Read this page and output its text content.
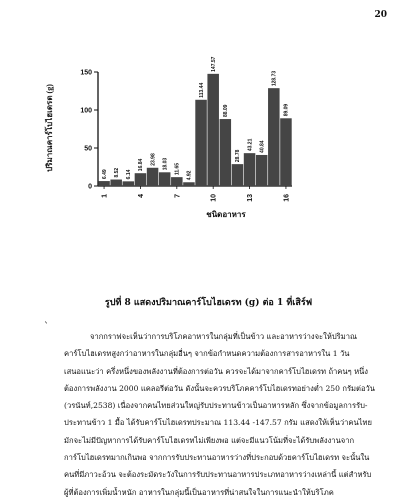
20
0
50
100
150
1	4	7	10	13	16
6.49 8.52 6.14
16.84 23.98 18.03 11.65
4.92
113.44
147.57
88.09
28.78
43.21 40.84
128.73
89.09
ปริมาณคาร์โบไฮเดรต (g)
ชนิดอาหาร
รูปที่ 8 แสดงปริมาณคาร์โบไฮเดรท (g) ต่อ 1 ที่เสิร์ฟ
`
จากกราฟจะเห็นว่าการบริโภคอาหารในกลุ่มที่เป็นข้าว และอาหารว่างจะให้ปริมาณ
คาร์โบไฮเดรทสูงกว่าอาหารในกลุ่มอื่นๆ จากข้อกำหนดความต้องการสารอาหารใน 1 วัน
เสนอแนะว่า ครึ่งหนึ่งของพลังงานที่ต้องการต่อวัน ควรจะได้มาจากคาร์โบไฮเดรท ถ้าคนๆ หนึ่ง
ต้องการพลังงาน 2000 แคลอรีต่อวัน ดังนั้นจะควรบริโภคคาร์โบไฮเดรทอย่างต่ำ 250 กรัมต่อวัน
(วรนันท์,2538) เนื่องจากคนไทยส่วนใหญ่รับประทานข้าวเป็นอาหารหลัก ซึ่งจากข้อมูลการรับ-
ประทานข้าว 1 มื้อ ได้รับคาร์โบไฮเดรทประมาณ 113.44 -147.57 กรัม แสดงให้เห็นว่าคนไทย
มักจะไม่มีปัญหาการได้รับคาร์โบไฮเดรทไม่เพียงพอ แต่จะมีแนวโน้มที่จะได้รับพลังงานจาก
การ์โบไฮเดรทมากเกินพอ จากการรับประทานอาหารว่างที่ประกอบด้วยคาร์โบไฮเดรท จะนั้นใน
คนที่มีภาวะอ้วน จะต้องระมัดระวังในการรับประทานอาหารประเภทอาหารว่างเหล่านี้ แต่สำหรับ
ผู้ที่ต้องการเพิ่มน้ำหนัก อาหารในกลุ่มนี้เป็นอาหารที่น่าสนใจในการแนะนำให้บริโภค
